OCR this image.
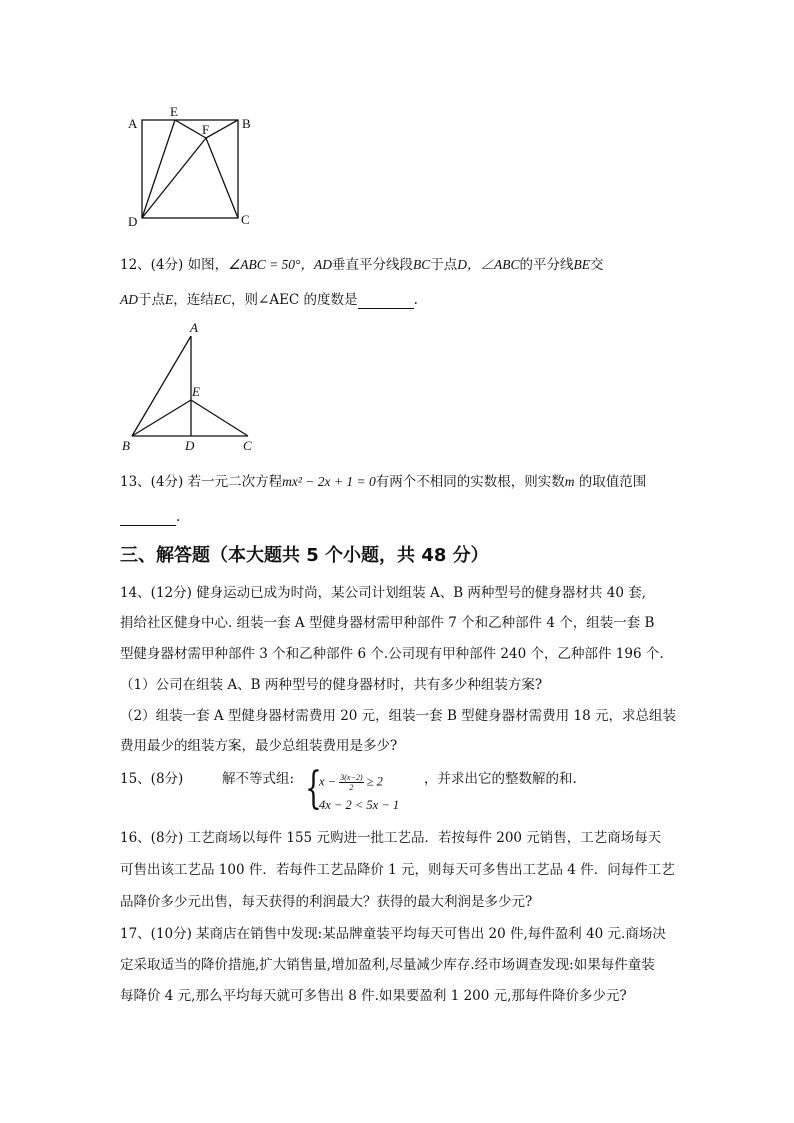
A
E
F	B
D	C
12、(4分) 如图，∠ABC = 50°，AD垂直平分线段BC于点D，∠ABC的平分线BE交
AD于点E，连结EC，则∠AEC 的度数是	.
A
E
B	D	C
13、(4分) 若一元二次方程mx² − 2x + 1 = 0有两个不相同的实数根，则实数m 的取值范围
.
三、解答题（本大题共 5 个小题，共 48 分）
14、(12分) 健身运动已成为时尚，某公司计划组装 A、B 两种型号的健身器材共 40 套,
捐给社区健身中心. 组装一套 A 型健身器材需甲种部件 7 个和乙种部件 4 个，组装一套 B
型健身器材需甲种部件 3 个和乙种部件 6 个.公司现有甲种部件 240 个，乙种部件 196 个.
（1）公司在组装 A、B 两种型号的健身器材时，共有多少种组装方案?
（2）组装一套 A 型健身器材需费用 20 元，组装一套 B 型健身器材需费用 18 元，求总组装
费用最少的组装方案，最少总组装费用是多少?
15、(8分)	解不等式组: {
$x - \frac{3(x-2)}{2} \ge 2$
4x − 2 < 5x − 1
，并求出它的整数解的和.
16、(8分) 工艺商场以每件 155 元购进一批工艺品．若按每件 200 元销售，工艺商场每天
可售出该工艺品 100 件．若每件工艺品降价 1 元，则每天可多售出工艺品 4 件．问每件工艺
品降价多少元出售，每天获得的利润最大？获得的最大利润是多少元?
17、(10分) 某商店在销售中发现:某品牌童装平均每天可售出 20 件,每件盈利 40 元.商场决
定采取适当的降价措施,扩大销售量,增加盈利,尽量减少库存.经市场调查发现:如果每件童装
每降价 4 元,那么平均每天就可多售出 8 件.如果要盈利 1 200 元,那每件降价多少元?
